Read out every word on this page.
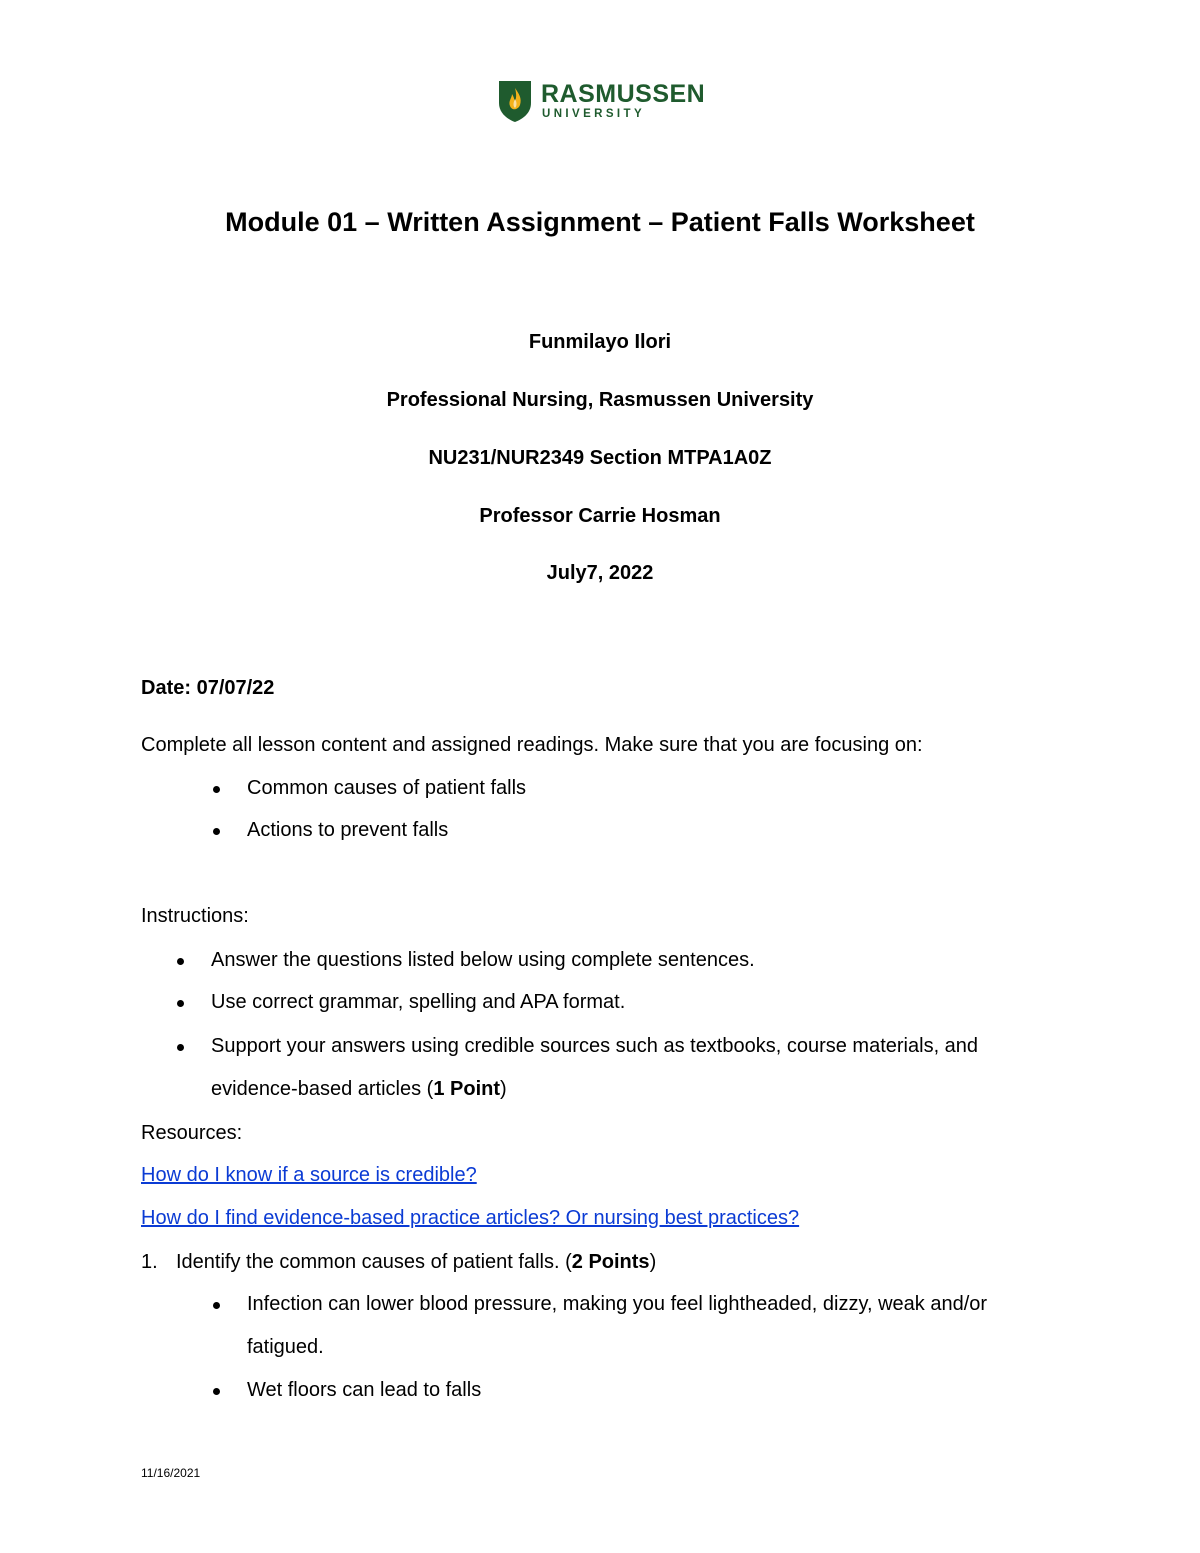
RASMUSSEN
UNIVERSITY
Module 01 – Written Assignment – Patient Falls Worksheet
Funmilayo Ilori
Professional Nursing, Rasmussen University
NU231/NUR2349 Section MTPA1A0Z
Professor Carrie Hosman
July7, 2022
Date: 07/07/22
Complete all lesson content and assigned readings. Make sure that you are focusing on:
Common causes of patient falls
Actions to prevent falls
Instructions:
Answer the questions listed below using complete sentences.
Use correct grammar, spelling and APA format.
Support your answers using credible sources such as textbooks, course materials, and
evidence-based articles (1 Point)
Resources:
How do I know if a source is credible?
How do I find evidence-based practice articles? Or nursing best practices?
1. Identify the common causes of patient falls. (2 Points)
Infection can lower blood pressure, making you feel lightheaded, dizzy, weak and/or
fatigued.
Wet floors can lead to falls
11/16/2021
